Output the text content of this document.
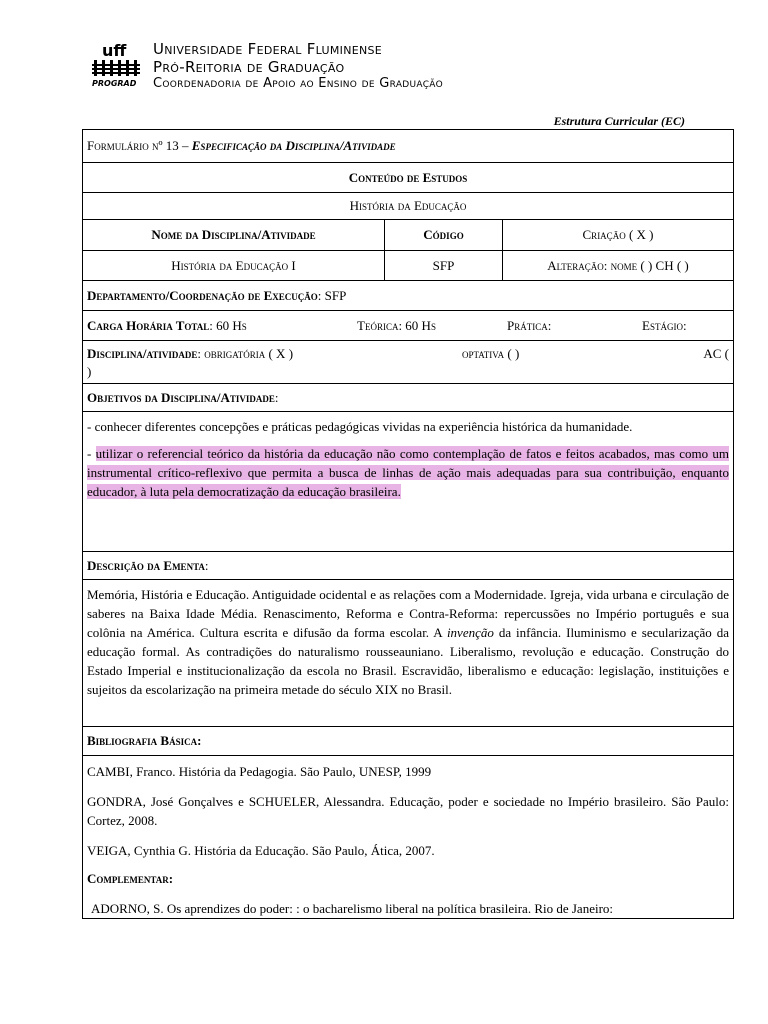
uff
PROGRAD
Universidade Federal Fluminense
Pró-Reitoria de Graduação
Coordenadoria de Apoio ao Ensino de Graduação
Estrutura Curricular (EC)
Formulário nº 13 – Especificação da Disciplina/Atividade		
Conteúdo de Estudos		
História da Educação		
Nome da Disciplina/Atividade	Código	Criação ( X )
História da Educação I	SFP	Alteração: nome ( ) CH ( )
Departamento/Coordenação de Execução: SFP		

Carga Horária Total: 60 Hs Teórica: 60 Hs Prática: Estágio:		

Disciplina/atividade: obrigatória ( X ) optativa ( ) AC (
)		

Objetivos da Disciplina/Atividade:		

- conhecer diferentes concepções e práticas pedagógicas vividas na experiência histórica da humanidade.
- utilizar o referencial teórico da história da educação não como contemplação de fatos e feitos acabados, mas como um instrumental crítico-reflexivo que permita a busca de linhas de ação mais adequadas para sua contribuição, enquanto educador, à luta pela democratização da educação brasileira.		

Descrição da Ementa:		

Memória, História e Educação. Antiguidade ocidental e as relações com a Modernidade. Igreja, vida urbana e circulação de saberes na Baixa Idade Média. Renascimento, Reforma e Contra-Reforma: repercussões no Império português e sua colônia na América. Cultura escrita e difusão da forma escolar. A invenção da infância. Iluminismo e secularização da educação formal. As contradições do naturalismo rousseauniano. Liberalismo, revolução e educação. Construção do Estado Imperial e institucionalização da escola no Brasil. Escravidão, liberalismo e educação: legislação, instituições e sujeitos da escolarização na primeira metade do século XIX no Brasil.		

Bibliografia Básica:		

CAMBI, Franco. História da Pedagogia. São Paulo, UNESP, 1999

GONDRA, José Gonçalves e SCHUELER, Alessandra. Educação, poder e sociedade no Império brasileiro. São Paulo: Cortez, 2008.

VEIGA, Cynthia G. História da Educação. São Paulo, Ática, 2007.

Complementar:

ADORNO, S. Os aprendizes do poder: : o bacharelismo liberal na política brasileira. Rio de Janeiro:		
